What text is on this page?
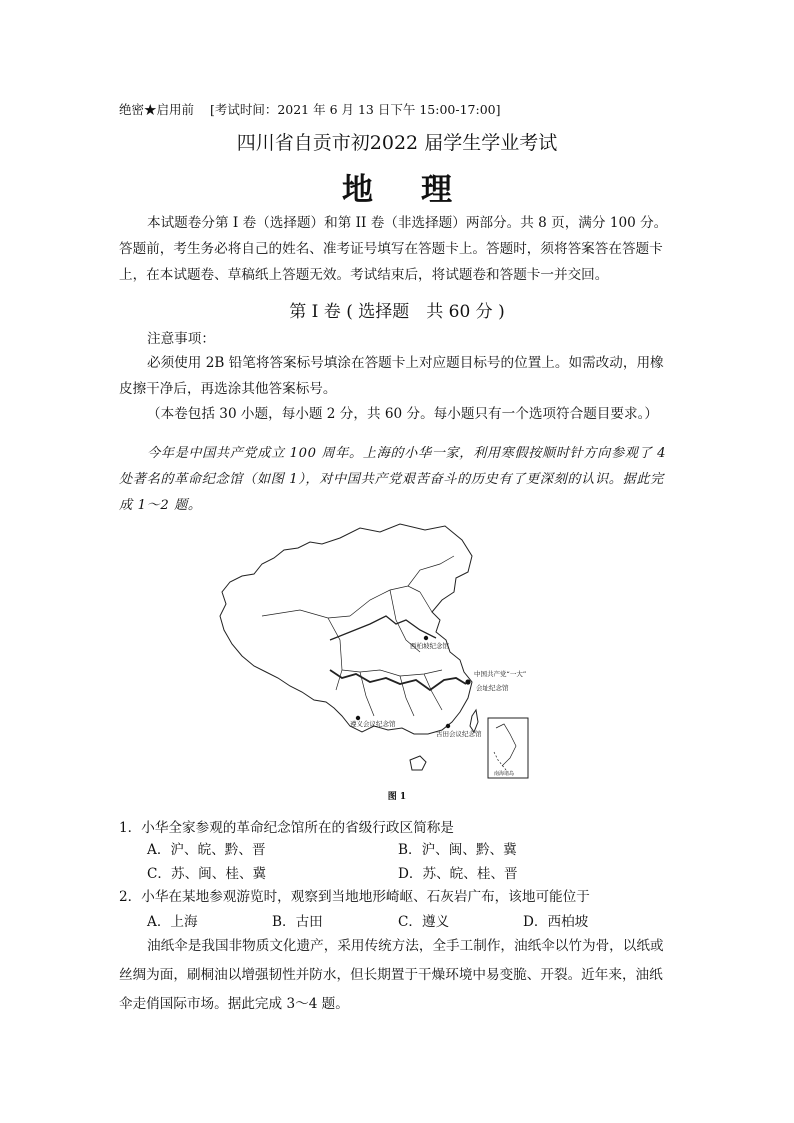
绝密★启用前 [考试时间：2021 年 6 月 13 日下午 15:00-17:00]
四川省自贡市初2022 届学生学业考试
地 理
本试题卷分第 I 卷（选择题）和第 II 卷（非选择题）两部分。共 8 页，满分 100 分。答题前，考生务必将自己的姓名、准考证号填写在答题卡上。答题时，须将答案答在答题卡上，在本试题卷、草稿纸上答题无效。考试结束后，将试题卷和答题卡一并交回。
第 I 卷 ( 选择题　共 60 分 )
注意事项：
必须使用 2B 铅笔将答案标号填涂在答题卡上对应题目标号的位置上。如需改动，用橡皮擦干净后，再选涂其他答案标号。
（本卷包括 30 小题，每小题 2 分，共 60 分。每小题只有一个选项符合题目要求。）
今年是中国共产党成立 100 周年。上海的小华一家，利用寒假按顺时针方向参观了 4 处著名的革命纪念馆（如图 1），对中国共产党艰苦奋斗的历史有了更深刻的认识。据此完成 1～2 题。
西柏坡纪念馆
中国共产党“一大”
会址纪念馆
遵义会议纪念馆
古田会议纪念馆
南海诸岛
图 1
1．小华全家参观的革命纪念馆所在的省级行政区简称是
A．沪、皖、黔、晋	B．沪、闽、黔、冀
C．苏、闽、桂、冀	D．苏、皖、桂、晋
2．小华在某地参观游览时，观察到当地地形崎岖、石灰岩广布，该地可能位于
A．上海	B．古田	C．遵义	D．西柏坡
油纸伞是我国非物质文化遗产，采用传统方法，全手工制作，油纸伞以竹为骨，以纸或丝绸为面，刷桐油以增强韧性并防水，但长期置于干燥环境中易变脆、开裂。近年来，油纸伞走俏国际市场。据此完成 3～4 题。
